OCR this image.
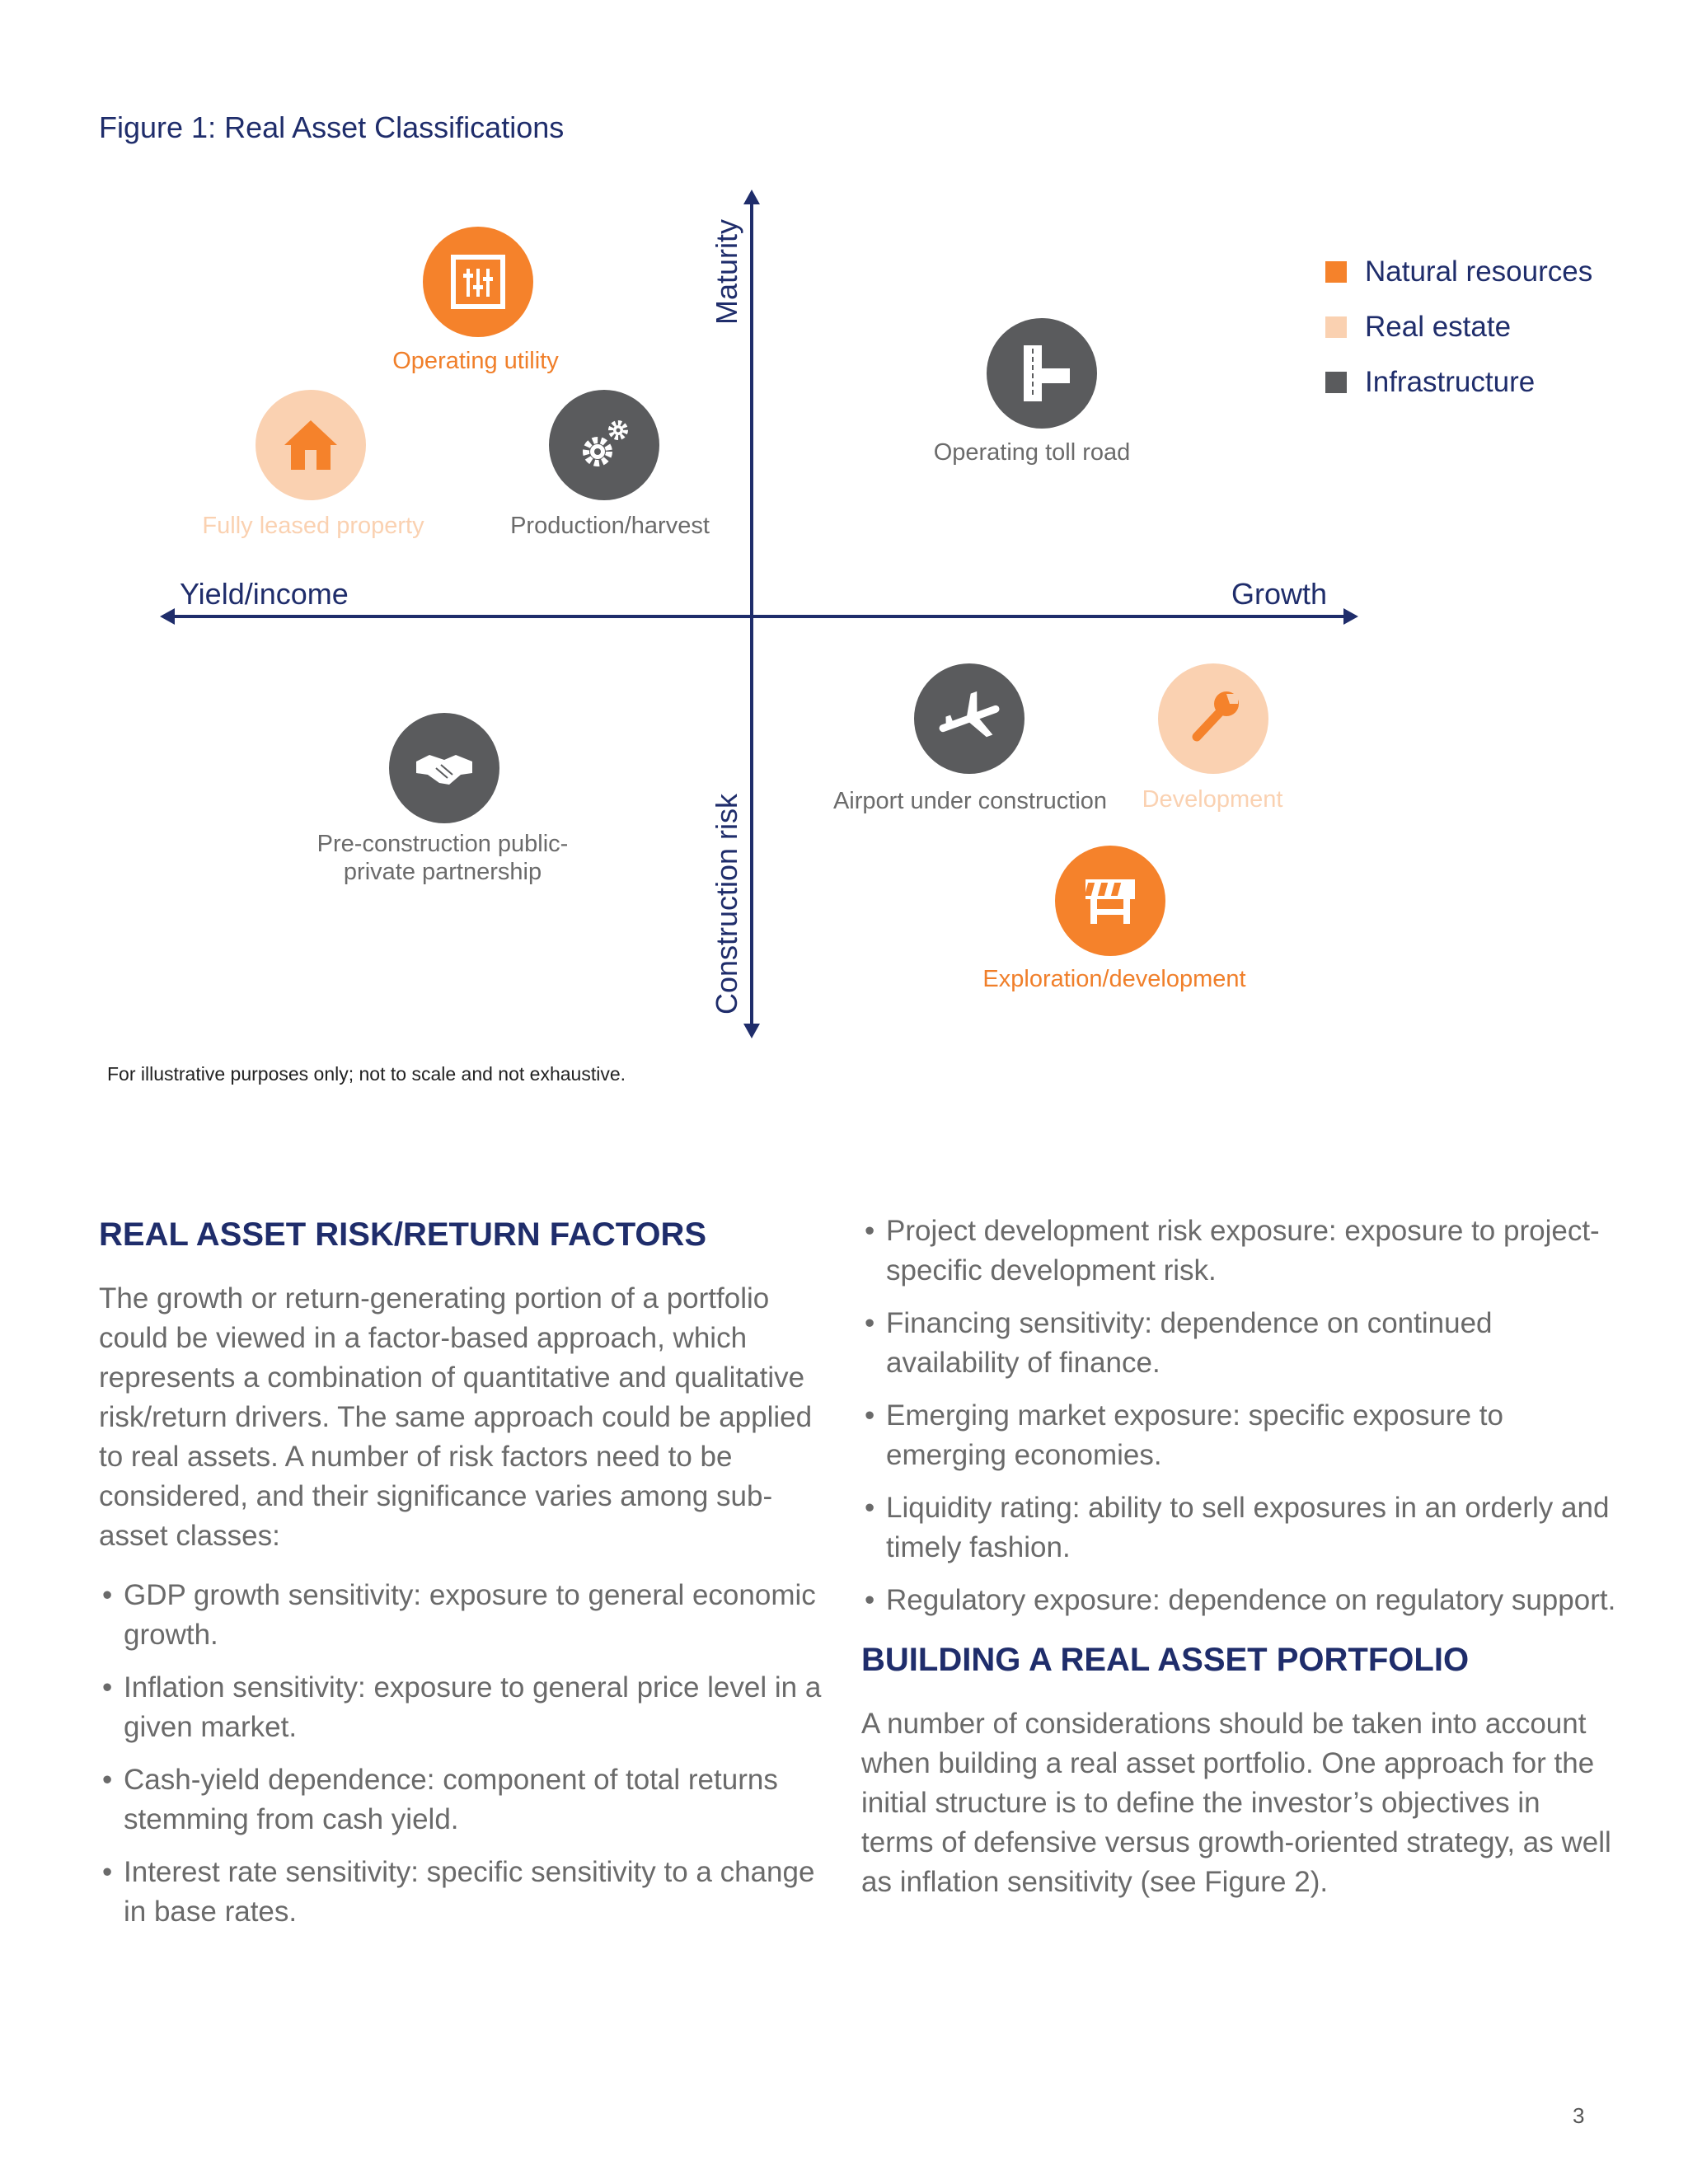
Figure 1: Real Asset Classifications
Yield/income	Growth
Maturity
Construction risk
Operating utility
Fully leased property	Production/harvest
Operating toll road
Pre-construction public-
private partnership
Airport under construction Development
Exploration/development
Natural resources
Real estate
Infrastructure
For illustrative purposes only; not to scale and not exhaustive.
REAL ASSET RISK/RETURN FACTORS

The growth or return-generating portion of a portfolio could be viewed in a factor-based approach, which represents a combination of quantitative and qualitative risk/return drivers. The same approach could be applied to real assets. A number of risk factors need to be considered, and their significance varies among sub-asset classes:

• GDP growth sensitivity: exposure to general economic growth.
• Inflation sensitivity: exposure to general price level in a given market.
• Cash-yield dependence: component of total returns stemming from cash yield.
• Interest rate sensitivity: specific sensitivity to a change in base rates.
• Project development risk exposure: exposure to project-specific development risk.
• Financing sensitivity: dependence on continued availability of finance.
• Emerging market exposure: specific exposure to emerging economies.
• Liquidity rating: ability to sell exposures in an orderly and timely fashion.
• Regulatory exposure: dependence on regulatory support.
BUILDING A REAL ASSET PORTFOLIO

A number of considerations should be taken into account when building a real asset portfolio. One approach for the initial structure is to define the investor’s objectives in terms of defensive versus growth-oriented strategy, as well as inflation sensitivity (see Figure 2).

3
